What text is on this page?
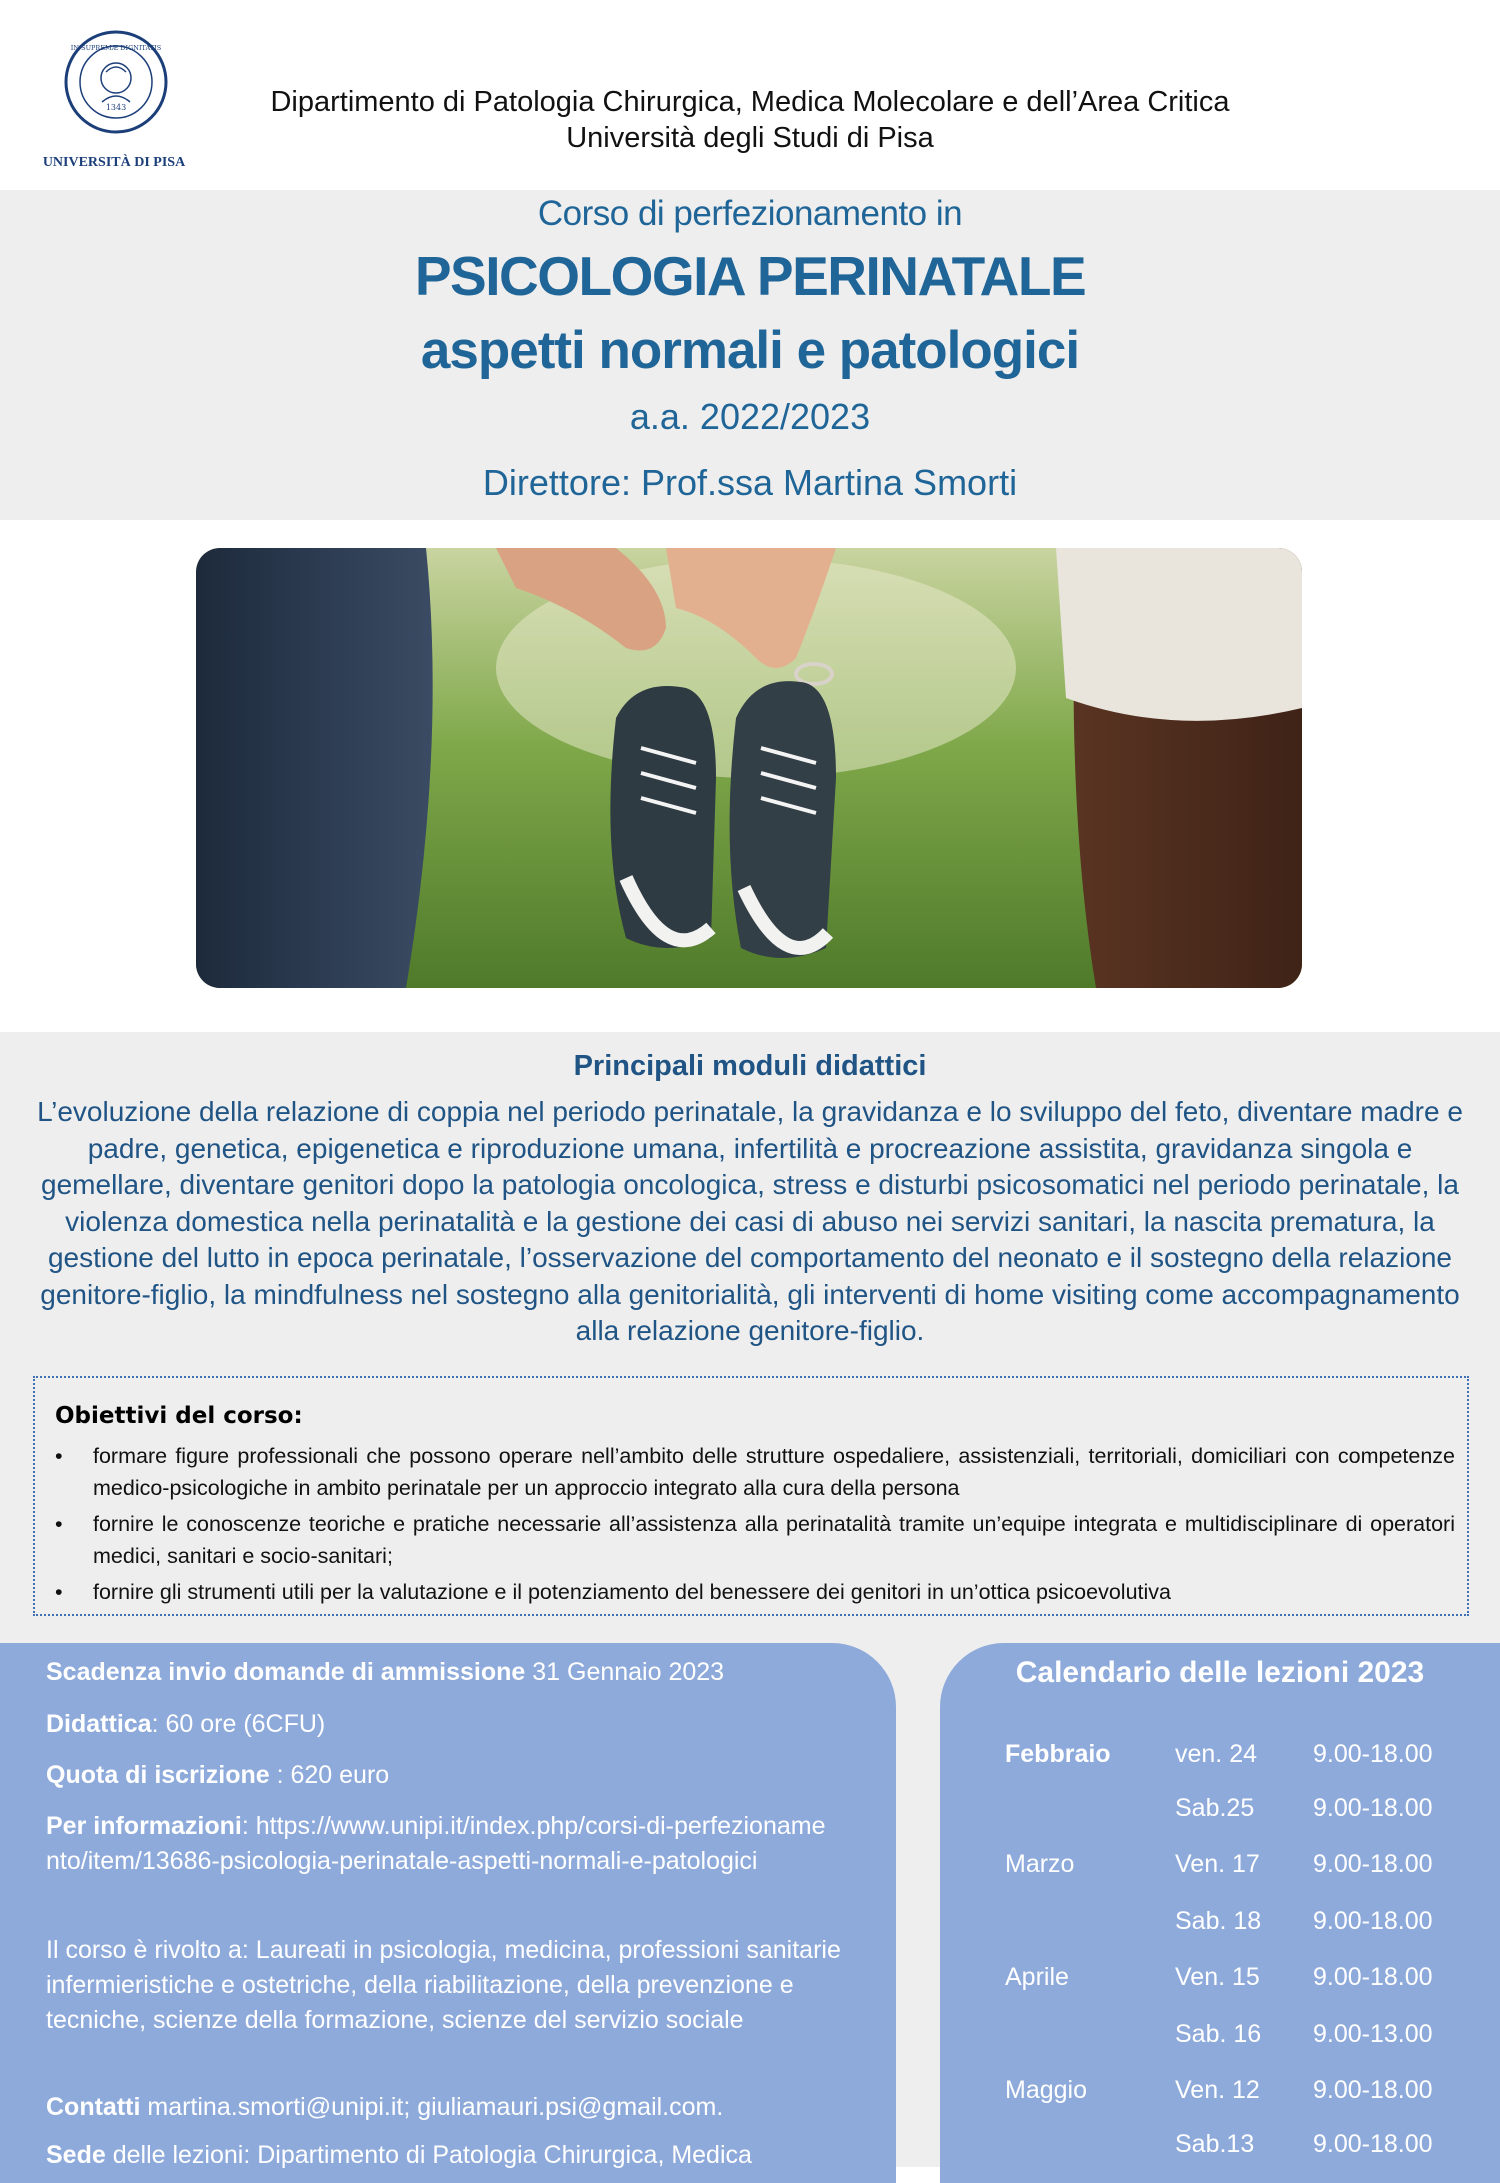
1343
IN SUPREMÆ DIGNITATIS
UNIVERSITÀ DI PISA
Dipartimento di Patologia Chirurgica, Medica Molecolare e dell’Area Critica
Università degli Studi di Pisa
Corso di perfezionamento in
PSICOLOGIA PERINATALE
aspetti normali e patologici
a.a. 2022/2023
Direttore: Prof.ssa Martina Smorti
Principali moduli didattici
L’evoluzione della relazione di coppia nel periodo perinatale, la gravidanza e lo sviluppo del feto, diventare madre e padre, genetica, epigenetica e riproduzione umana, infertilità e procreazione assistita, gravidanza singola e gemellare, diventare genitori dopo la patologia oncologica, stress e disturbi psicosomatici nel periodo perinatale, la violenza domestica nella perinatalità e la gestione dei casi di abuso nei servizi sanitari, la nascita prematura, la gestione del lutto in epoca perinatale, l’osservazione del comportamento del neonato e il sostegno della relazione genitore-figlio, la mindfulness nel sostegno alla genitorialità, gli interventi di home visiting come accompagnamento alla relazione genitore-figlio.
Obiettivi del corso:
• formare figure professionali che possono operare nell’ambito delle strutture ospedaliere, assistenziali, territoriali, domiciliari con competenze medico-psicologiche in ambito perinatale per un approccio integrato alla cura della persona
• fornire le conoscenze teoriche e pratiche necessarie all’assistenza alla perinatalità tramite un’equipe integrata e multidisciplinare di operatori medici, sanitari e socio-sanitari;
• fornire gli strumenti utili per la valutazione e il potenziamento del benessere dei genitori in un’ottica psicoevolutiva
Scadenza invio domande di ammissione 31 Gennaio 2023
Didattica: 60 ore (6CFU)
Quota di iscrizione : 620 euro
Per informazioni: https://www.unipi.it/index.php/corsi-di-perfezionamento/item/13686-psicologia-perinatale-aspetti-normali-e-patologici
Il corso è rivolto a: Laureati in psicologia, medicina, professioni sanitarie infermieristiche e ostetriche, della riabilitazione, della prevenzione e tecniche, scienze della formazione, scienze del servizio sociale
Contatti martina.smorti@unipi.it; giuliamauri.psi@gmail.com.
Sede delle lezioni: Dipartimento di Patologia Chirurgica, Medica
Calendario delle lezioni 2023
Febbraio	ven. 24 9.00-18.00
Sab.25 9.00-18.00
Marzo	Ven. 17 9.00-18.00
Sab. 18 9.00-18.00
Aprile	Ven. 15 9.00-18.00
Sab. 16 9.00-13.00
Maggio	Ven. 12 9.00-18.00
Sab.13 9.00-18.00
